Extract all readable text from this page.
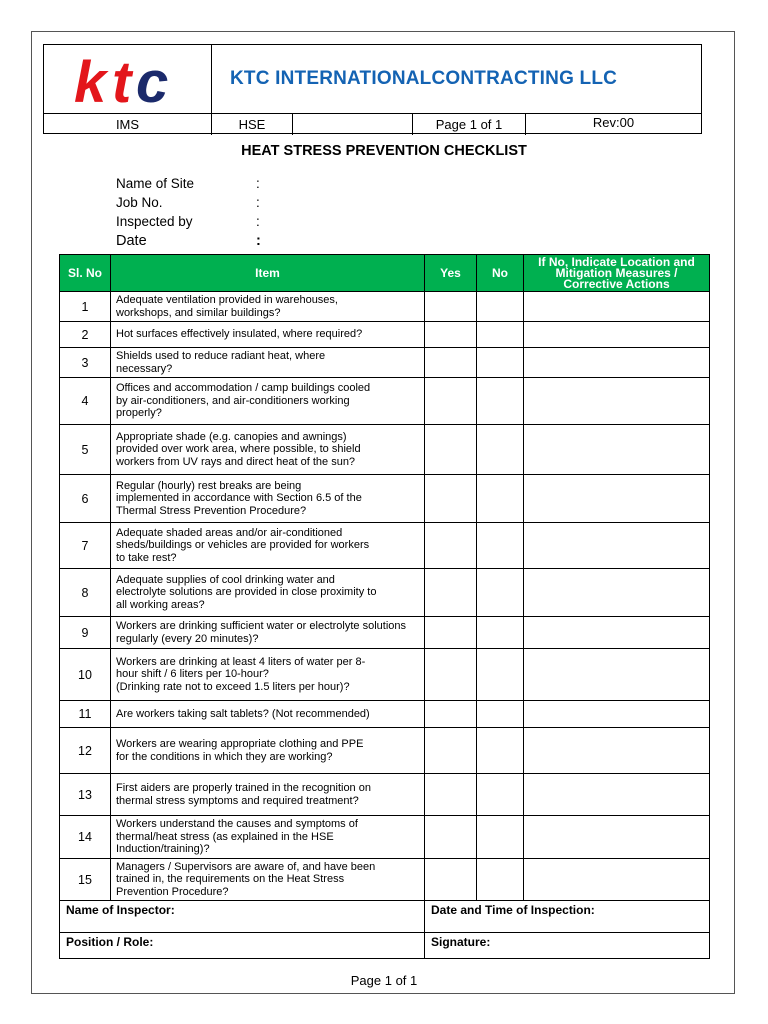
k t c	KTC INTERNATIONALCONTRACTING LLC
IMS	HSE	Page 1 of 1	Rev:00
HEAT STRESS PREVENTION CHECKLIST
Name of Site	:
Job No.	:
Inspected by	:
Date	:
Sl. No	Item	Yes	No	If No, Indicate Location and
Mitigation Measures /
Corrective Actions

1	Adequate ventilation provided in warehouses,
workshops, and similar buildings?			

2	Hot surfaces effectively insulated, where required?			

3	Shields used to reduce radiant heat, where
necessary?			

4	Offices and accommodation / camp buildings cooled
by air-conditioners, and air-conditioners working
properly?			

5	Appropriate shade (e.g. canopies and awnings)
provided over work area, where possible, to shield
workers from UV rays and direct heat of the sun?			

6	Regular (hourly) rest breaks are being
implemented in accordance with Section 6.5 of the
Thermal Stress Prevention Procedure?			

7	Adequate shaded areas and/or air-conditioned
sheds/buildings or vehicles are provided for workers
to take rest?			

8	Adequate supplies of cool drinking water and
electrolyte solutions are provided in close proximity to
all working areas?			

9	Workers are drinking sufficient water or electrolyte solutions
regularly (every 20 minutes)?			

10	Workers are drinking at least 4 liters of water per 8-
hour shift / 6 liters per 10-hour?
(Drinking rate not to exceed 1.5 liters per hour)?			

11	Are workers taking salt tablets? (Not recommended)			

12	Workers are wearing appropriate clothing and PPE
for the conditions in which they are working?			

13	First aiders are properly trained in the recognition on
thermal stress symptoms and required treatment?			

14	Workers understand the causes and symptoms of
thermal/heat stress (as explained in the HSE
Induction/training)?			

15	Managers / Supervisors are aware of, and have been
trained in, the requirements on the Heat Stress
Prevention Procedure?			

Name of Inspector:		Date and Time of Inspection:		
Position / Role:		Signature:		
Page 1 of 1
